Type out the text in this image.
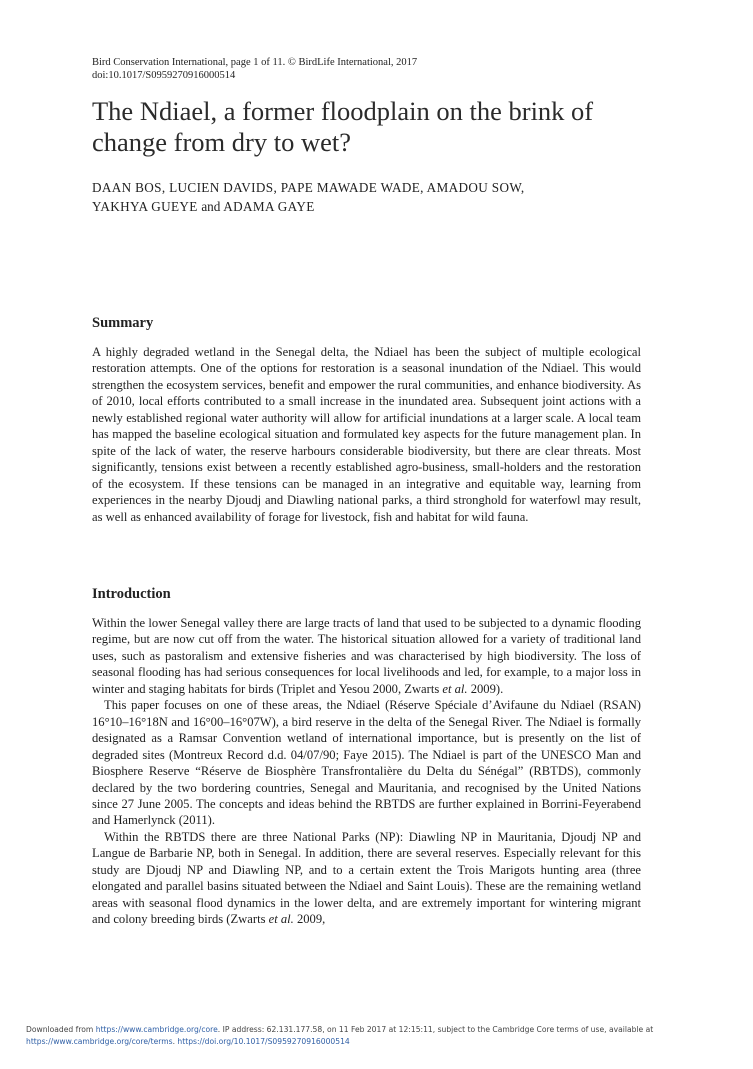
Bird Conservation International, page 1 of 11. © BirdLife International, 2017
doi:10.1017/S0959270916000514
The Ndiael, a former floodplain on the brink of change from dry to wet?
DAAN BOS, LUCIEN DAVIDS, PAPE MAWADE WADE, AMADOU SOW,
YAKHYA GUEYE and ADAMA GAYE
Summary

A highly degraded wetland in the Senegal delta, the Ndiael has been the subject of multiple ecological restoration attempts. One of the options for restoration is a seasonal inundation of the Ndiael. This would strengthen the ecosystem services, benefit and empower the rural communities, and enhance biodiversity. As of 2010, local efforts contributed to a small increase in the inundated area. Subsequent joint actions with a newly established regional water authority will allow for artificial inundations at a larger scale. A local team has mapped the baseline ecological situation and formulated key aspects for the future management plan. In spite of the lack of water, the reserve harbours considerable biodiversity, but there are clear threats. Most significantly, tensions exist between a recently established agro-business, small-holders and the restoration of the ecosystem. If these tensions can be managed in an integrative and equitable way, learning from experiences in the nearby Djoudj and Diawling national parks, a third stronghold for waterfowl may result, as well as enhanced availability of forage for livestock, fish and habitat for wild fauna.

Introduction

Within the lower Senegal valley there are large tracts of land that used to be subjected to a dynamic flooding regime, but are now cut off from the water. The historical situation allowed for a variety of traditional land uses, such as pastoralism and extensive fisheries and was characterised by high biodiversity. The loss of seasonal flooding has had serious consequences for local livelihoods and led, for example, to a major loss in winter and staging habitats for birds (Triplet and Yesou 2000, Zwarts et al. 2009).

This paper focuses on one of these areas, the Ndiael (Réserve Spéciale d’Avifaune du Ndiael (RSAN) 16°10–16°18N and 16°00–16°07W), a bird reserve in the delta of the Senegal River. The Ndiael is formally designated as a Ramsar Convention wetland of international importance, but is presently on the list of degraded sites (Montreux Record d.d. 04/07/90; Faye 2015). The Ndiael is part of the UNESCO Man and Biosphere Reserve “Réserve de Biosphère Transfrontalière du Delta du Sénégal” (RBTDS), commonly declared by the two bordering countries, Senegal and Mauritania, and recognised by the United Nations since 27 June 2005. The concepts and ideas behind the RBTDS are further explained in Borrini-Feyerabend and Hamerlynck (2011).

Within the RBTDS there are three National Parks (NP): Diawling NP in Mauritania, Djoudj NP and Langue de Barbarie NP, both in Senegal. In addition, there are several reserves. Especially relevant for this study are Djoudj NP and Diawling NP, and to a certain extent the Trois Marigots hunting area (three elongated and parallel basins situated between the Ndiael and Saint Louis). These are the remaining wetland areas with seasonal flood dynamics in the lower delta, and are extremely important for wintering migrant and colony breeding birds (Zwarts et al. 2009,

Downloaded from https://www.cambridge.org/core. IP address: 62.131.177.58, on 11 Feb 2017 at 12:15:11, subject to the Cambridge Core terms of use, available at
https://www.cambridge.org/core/terms. https://doi.org/10.1017/S0959270916000514
